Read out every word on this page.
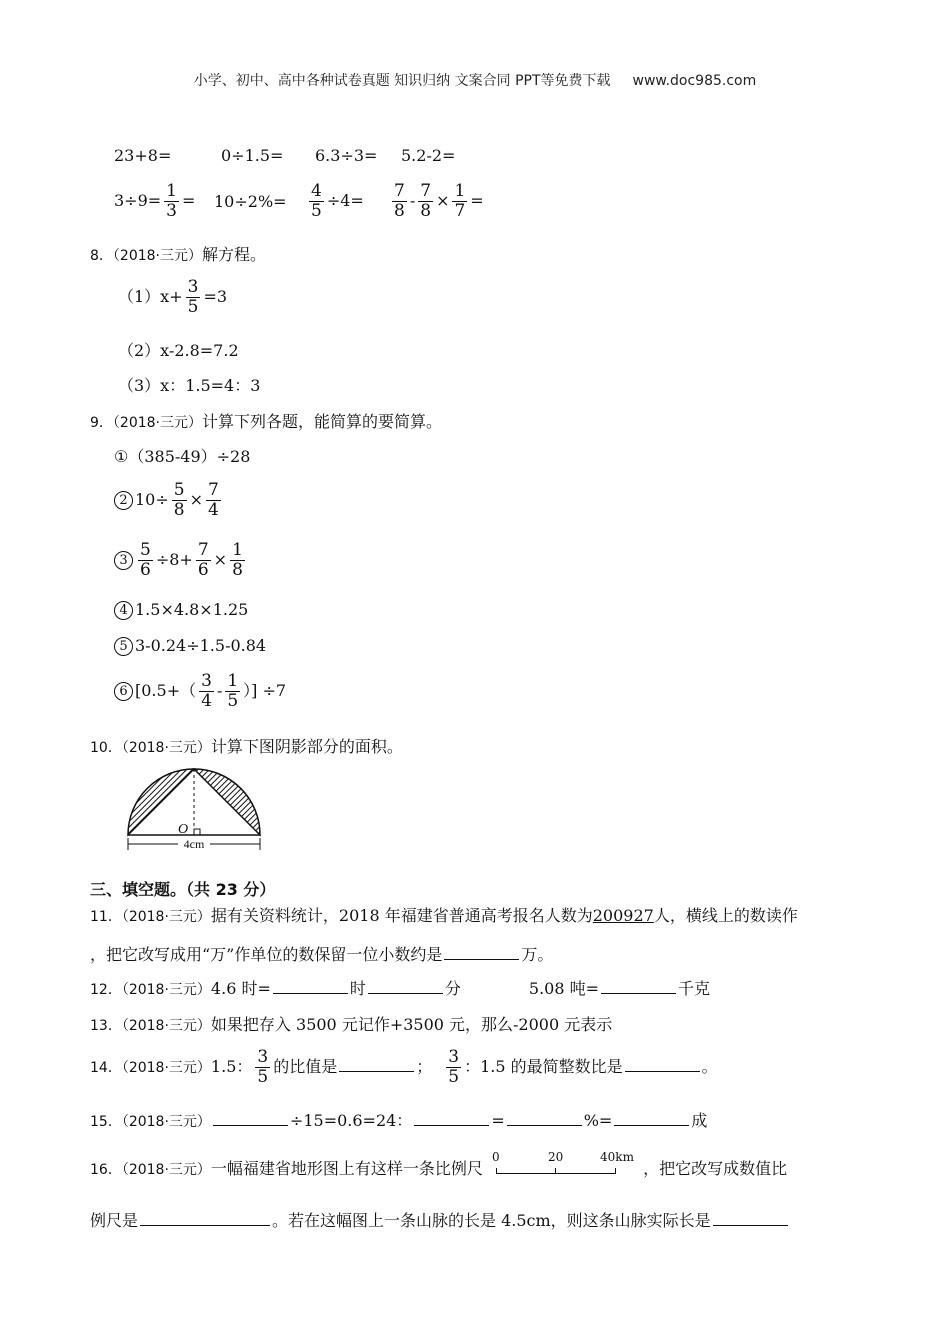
小学、初中、高中各种试卷真题 知识归纳 文案合同 PPT等免费下载 www.doc985.com
23+8=	0÷1.5= 6.3÷3= 5.2-2=
$3\div 9= \frac{1}{3} = 10\div 2\%= \frac{4}{5} \div 4= \frac{7}{8} - \frac{7}{8} \times \frac{1}{7}$ =
8．（2018·三元）解方程。
$(1)x+ \frac{3}{5} =3$
（2）x-2.8=7.2
（3）x：1.5=4：3
9．（2018·三元）计算下列各题，能简算的要简算。
①（385-49）÷28
2 $10\div \frac{5}{8} \times \frac{7}{4}$
$3 \frac{5}{6} \div 8+ \frac{7}{6} \times \frac{1}{8}$
4 1.5×4.8×1.25
5 3-0.24÷1.5-0.84
6 [$0.5+( \frac{3}{4} - \frac{1}{5}$ ）] ÷7
10．（2018·三元）计算下图阴影部分的面积。
O
4cm
三、填空题。（共 23 分）
11．（2018·三元）据有关资料统计，2018 年福建省普通高考报名人数为200927人，横线上的数读作
，把它改写成用“万”作单位的数保留一位小数约是	万。
12．（2018·三元）4.6 时=	时	分	5.08 吨=	千克
13．（2018·三元）如果把存入 3500 元记作+3500 元，那么-2000 元表示
14．（2018·三元）1.5： $\frac{3}{5}$ 的比值是	； $\frac{3}{5}$ ：1.5 的最简整数比是	。
15．（2018·三元）	÷15=0.6=24：	=	%=	成
16．（2018·三元）一幅福建省地形图上有这样一条比例尺
0	20	40km
，把它改写成数值比
例尺是	。若在这幅图上一条山脉的长是 4.5cm，则这条山脉实际长是
